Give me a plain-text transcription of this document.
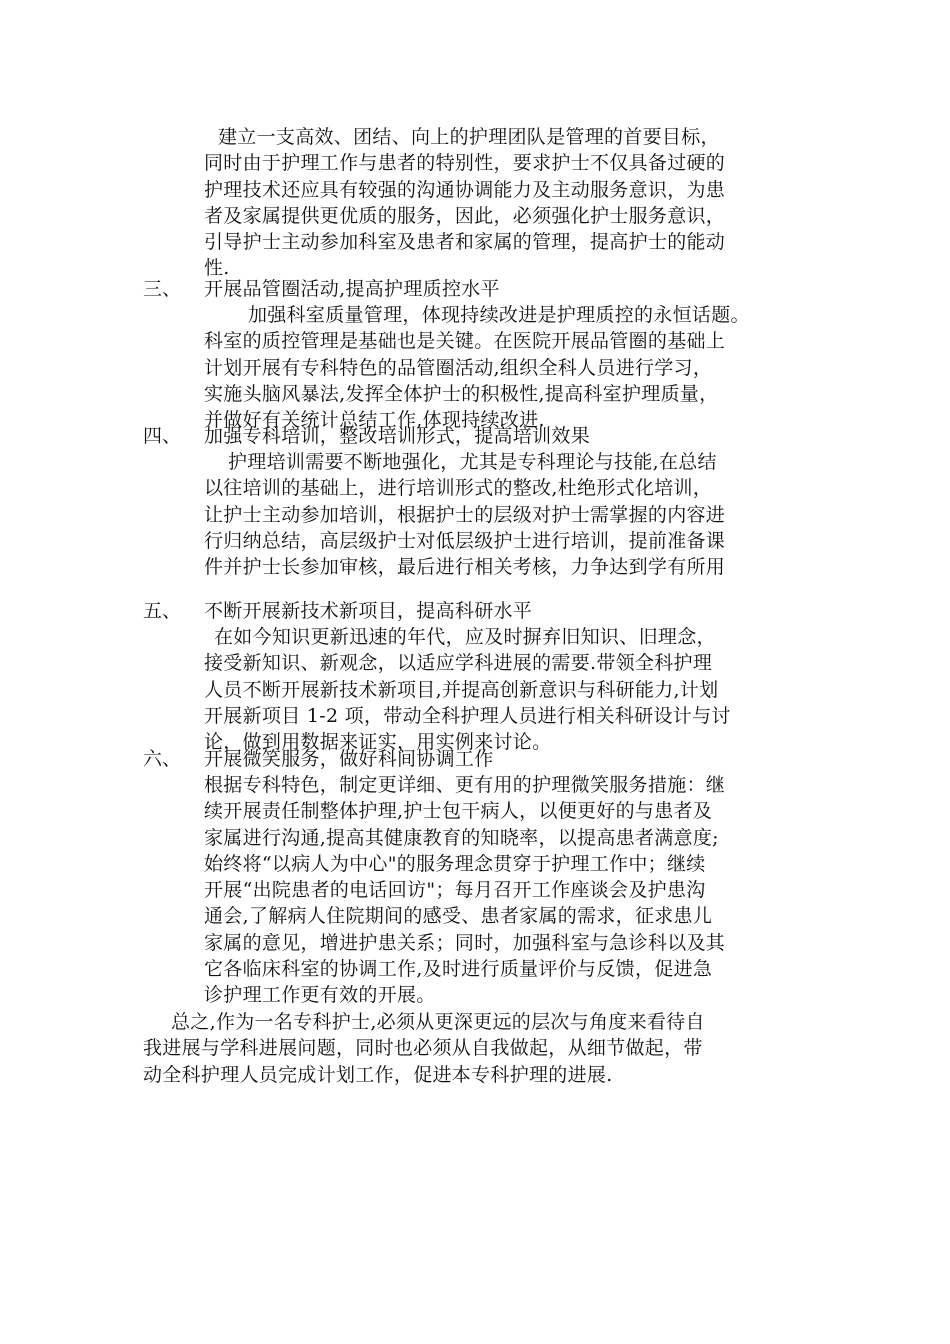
建立一支高效、团结、向上的护理团队是管理的首要目标，
同时由于护理工作与患者的特别性，要求护士不仅具备过硬的
护理技术还应具有较强的沟通协调能力及主动服务意识，为患
者及家属提供更优质的服务，因此，必须强化护士服务意识，
引导护士主动参加科室及患者和家属的管理，提高护士的能动
性.
三、 开展品管圈活动,提高护理质控水平
加强科室质量管理，体现持续改进是护理质控的永恒话题。
科室的质控管理是基础也是关键。在医院开展品管圈的基础上
计划开展有专科特色的品管圈活动,组织全科人员进行学习，
实施头脑风暴法,发挥全体护士的积极性,提高科室护理质量，
并做好有关统计总结工作,体现持续改进.
四、 加强专科培训，整改培训形式，提高培训效果
护理培训需要不断地强化，尤其是专科理论与技能,在总结
以往培训的基础上，进行培训形式的整改,杜绝形式化培训，
让护士主动参加培训，根据护士的层级对护士需掌握的内容进
行归纳总结，高层级护士对低层级护士进行培训，提前准备课
件并护士长参加审核，最后进行相关考核，力争达到学有所用
五、 不断开展新技术新项目，提高科研水平
在如今知识更新迅速的年代，应及时摒弃旧知识、旧理念，
接受新知识、新观念，以适应学科进展的需要.带领全科护理
人员不断开展新技术新项目,并提高创新意识与科研能力,计划
开展新项目 1-2 项，带动全科护理人员进行相关科研设计与讨
论，做到用数据来证实，用实例来讨论。
六、 开展微笑服务，做好科间协调工作
根据专科特色，制定更详细、更有用的护理微笑服务措施：继
续开展责任制整体护理,护士包干病人，以便更好的与患者及
家属进行沟通,提高其健康教育的知晓率，以提高患者满意度;
始终将“以病人为中心"的服务理念贯穿于护理工作中；继续
开展“出院患者的电话回访"；每月召开工作座谈会及护患沟
通会,了解病人住院期间的感受、患者家属的需求，征求患儿
家属的意见，增进护患关系；同时，加强科室与急诊科以及其
它各临床科室的协调工作,及时进行质量评价与反馈，促进急
诊护理工作更有效的开展。
总之,作为一名专科护士,必须从更深更远的层次与角度来看待自
我进展与学科进展问题，同时也必须从自我做起，从细节做起，带
动全科护理人员完成计划工作，促进本专科护理的进展.
